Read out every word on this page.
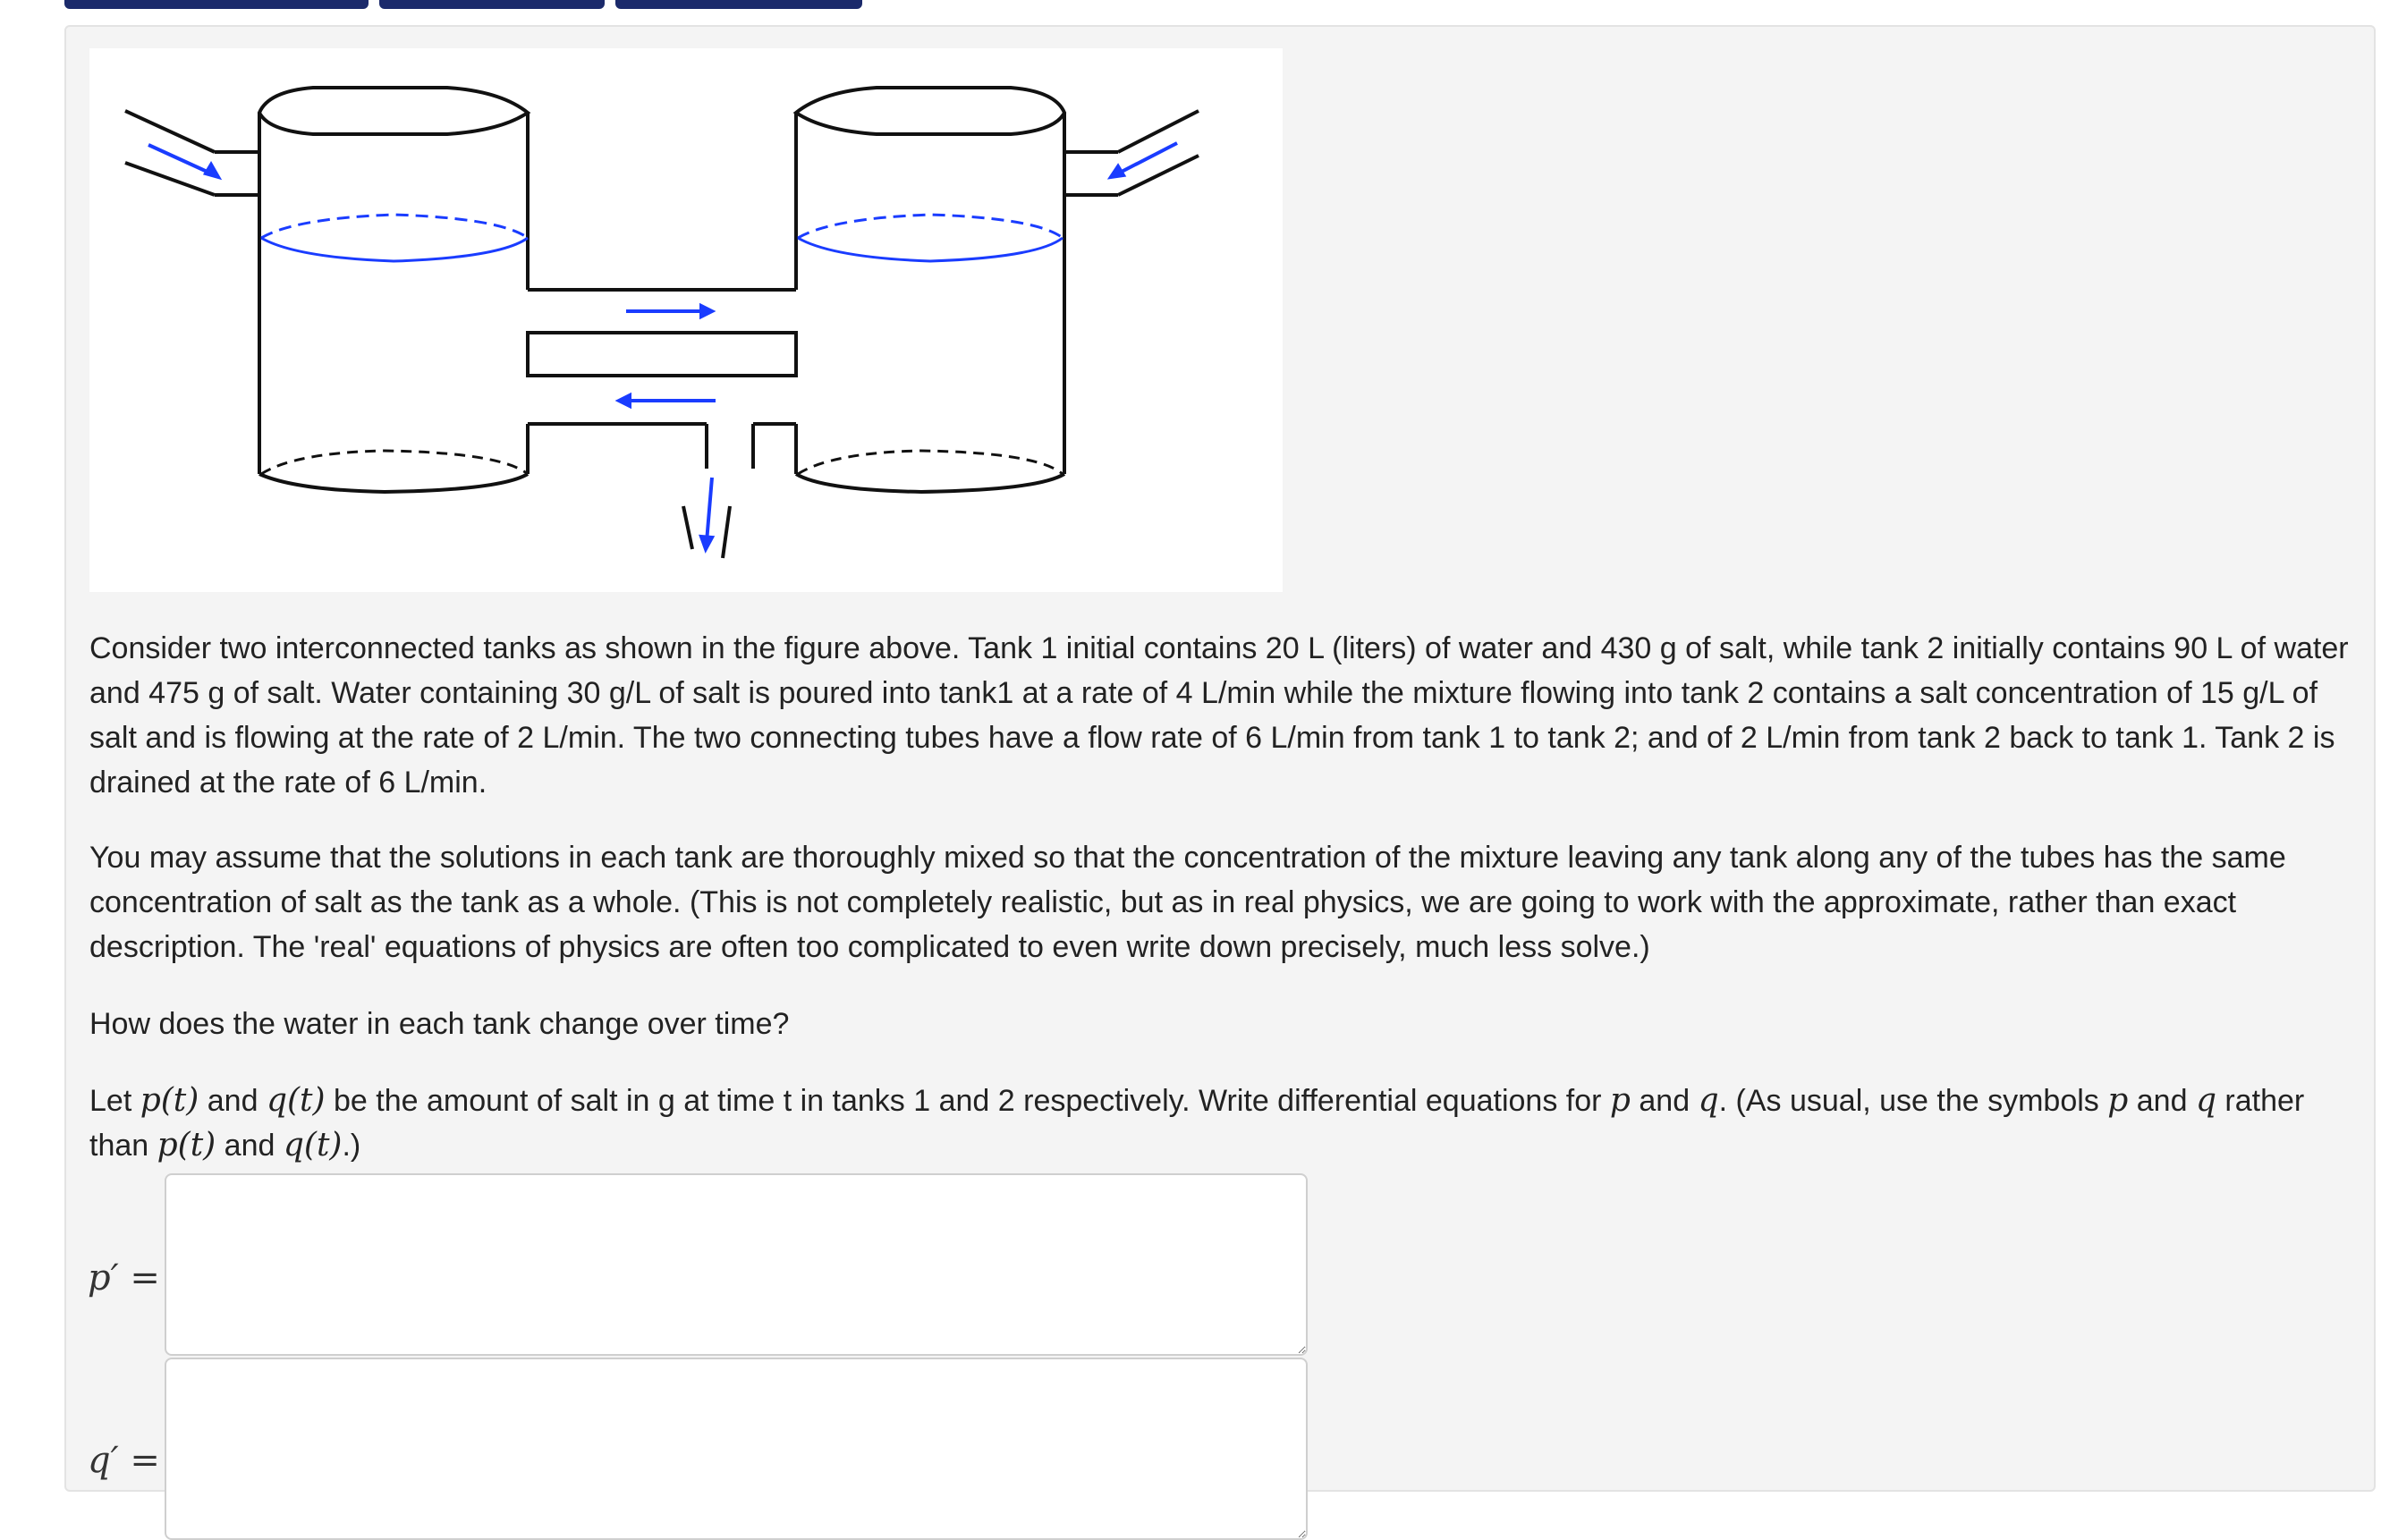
Consider two interconnected tanks as shown in the figure above. Tank 1 initial contains 20 L (liters) of water and 430 g of salt, while tank 2 initially contains 90 L of water and 475 g of salt. Water containing 30 g/L of salt is poured into tank1 at a rate of 4 L/min while the mixture flowing into tank 2 contains a salt concentration of 15 g/L of salt and is flowing at the rate of 2 L/min. The two connecting tubes have a flow rate of 6 L/min from tank 1 to tank 2; and of 2 L/min from tank 2 back to tank 1. Tank 2 is drained at the rate of 6 L/min.

You may assume that the solutions in each tank are thoroughly mixed so that the concentration of the mixture leaving any tank along any of the tubes has the same concentration of salt as the tank as a whole. (This is not completely realistic, but as in real physics, we are going to work with the approximate, rather than exact description. The 'real' equations of physics are often too complicated to even write down precisely, much less solve.)

How does the water in each tank change over time?

Let p(t) and q(t) be the amount of salt in g at time t in tanks 1 and 2 respectively. Write differential equations for p and q. (As usual, use the symbols p and q rather than p(t) and q(t).)

p′ =
q′ =
